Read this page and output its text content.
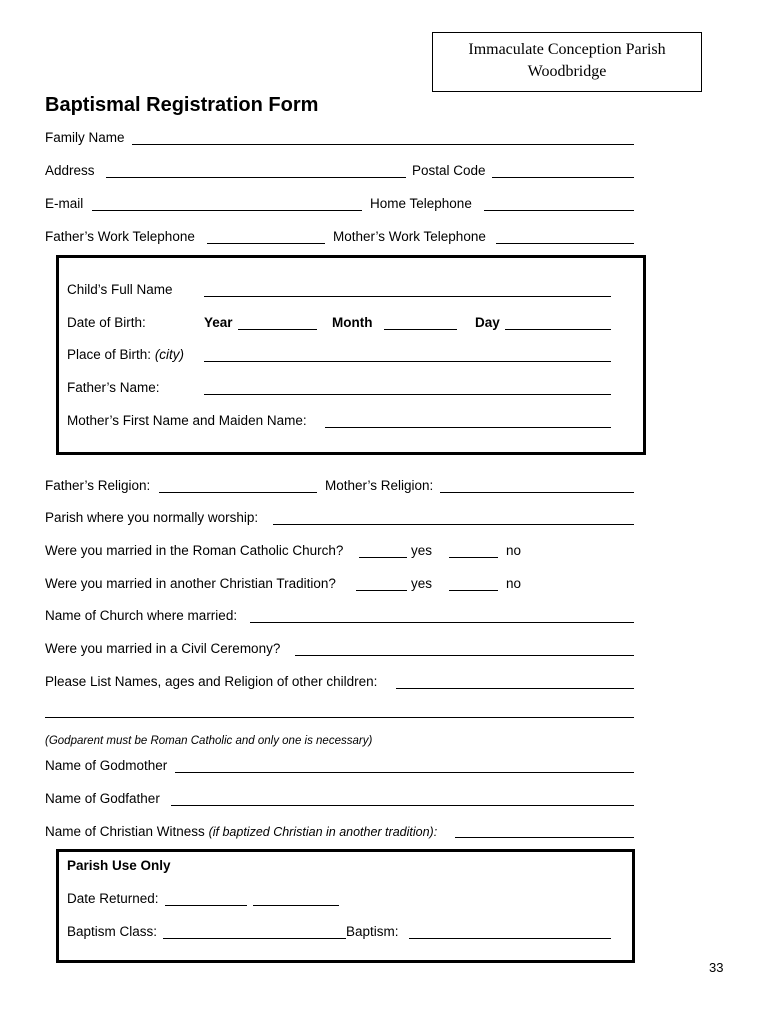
Immaculate Conception Parish
Woodbridge
Baptismal Registration Form
Family Name
Address	Postal Code
E-mail	Home Telephone
Father’s Work Telephone	Mother’s Work Telephone
Child’s Full Name
Date of Birth:	Year	Month	Day
Place of Birth: (city)
Father’s Name:
Mother’s First Name and Maiden Name:
Father’s Religion:	Mother’s Religion:
Parish where you normally worship:
Were you married in the Roman Catholic Church?	yes	no
Were you married in another Christian Tradition?	yes	no
Name of Church where married:
Were you married in a Civil Ceremony?
Please List Names, ages and Religion of other children:
(Godparent must be Roman Catholic and only one is necessary)
Name of Godmother
Name of Godfather
Name of Christian Witness (if baptized Christian in another tradition):
Parish Use Only
Date Returned:
Baptism Class:	Baptism:
33
